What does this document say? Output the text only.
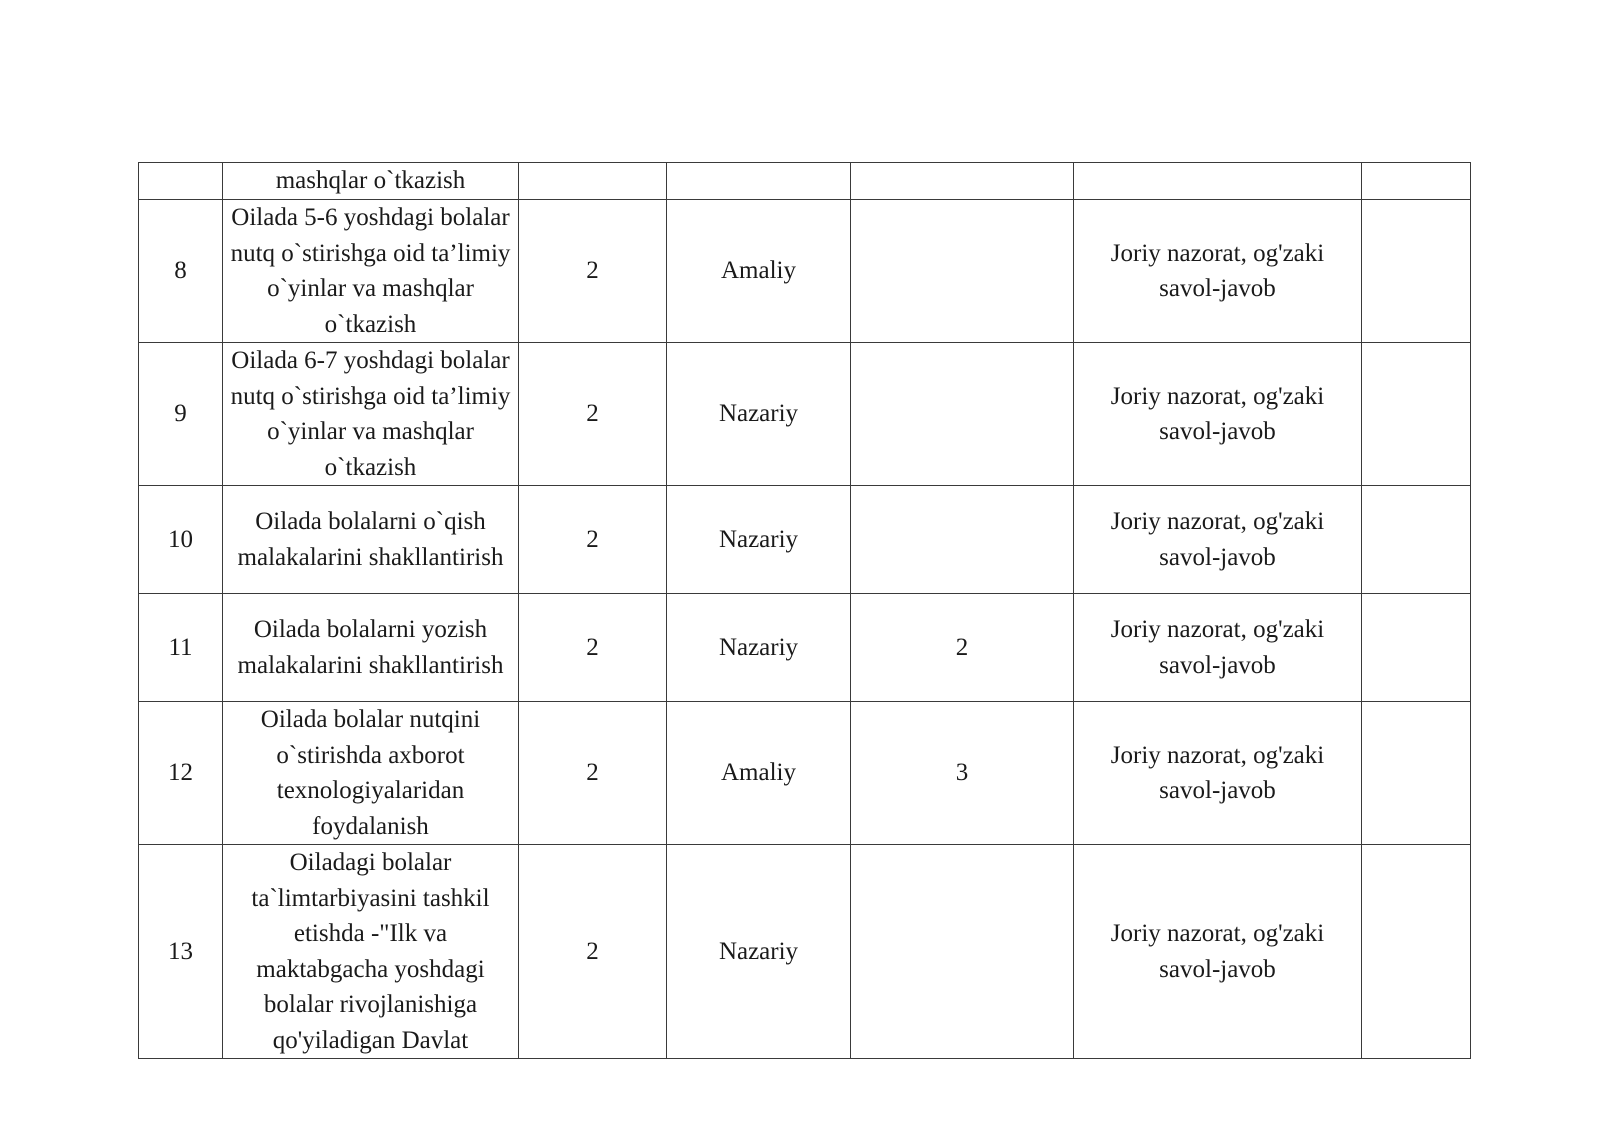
	mashqlar o`tkazish					
8	Oilada 5-6 yoshdagi bolalar nutq o`stirishga oid ta’limiy o`yinlar va mashqlar o`tkazish	2	Amaliy		Joriy nazorat, og'zaki savol-javob	
9	Oilada 6-7 yoshdagi bolalar nutq o`stirishga oid ta’limiy o`yinlar va mashqlar o`tkazish	2	Nazariy		Joriy nazorat, og'zaki savol-javob	
10	Oilada bolalarni o`qish malakalarini shakllantirish	2	Nazariy		Joriy nazorat, og'zaki savol-javob	
11	Oilada bolalarni yozish malakalarini shakllantirish	2	Nazariy	2	Joriy nazorat, og'zaki savol-javob	
12	Oilada bolalar nutqini o`stirishda axborot texnologiyalaridan foydalanish	2	Amaliy	3	Joriy nazorat, og'zaki savol-javob	
13	Oiladagi bolalar ta`limtarbiyasini tashkil etishda -"Ilk va maktabgacha yoshdagi bolalar rivojlanishiga qo'yiladigan Davlat	2	Nazariy		Joriy nazorat, og'zaki savol-javob	
